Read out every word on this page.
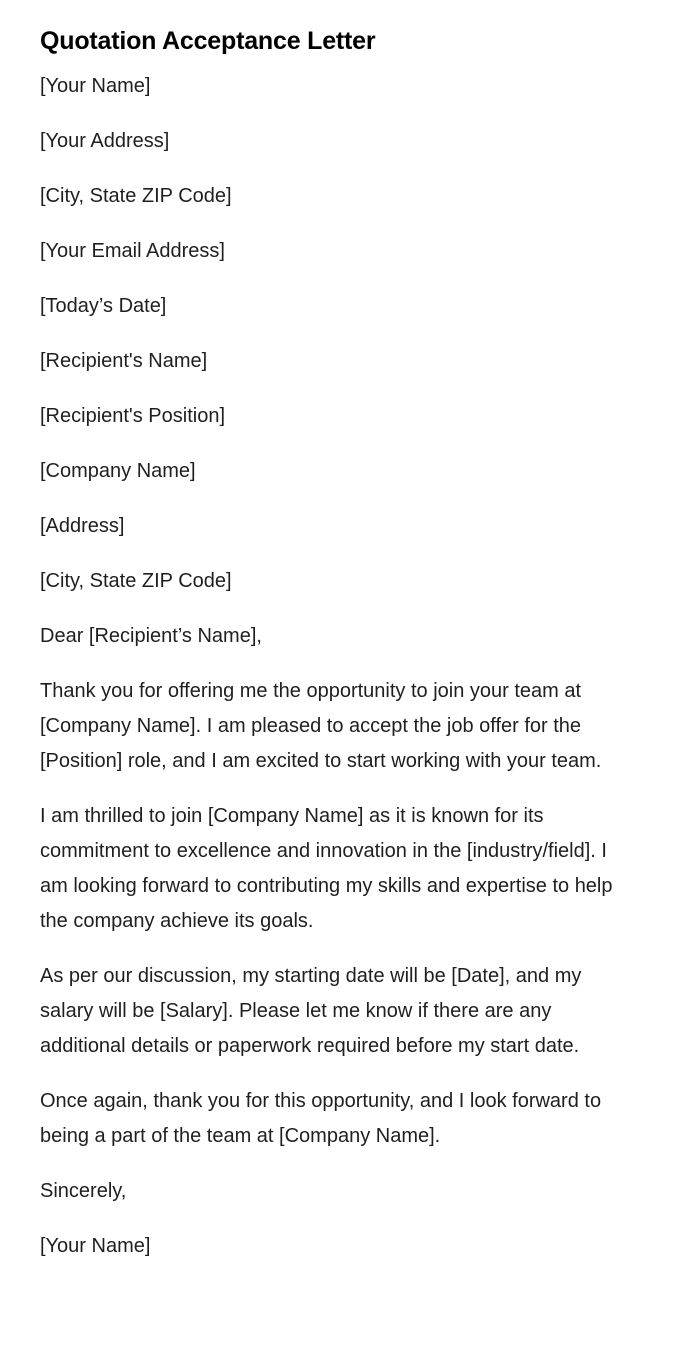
Quotation Acceptance Letter

[Your Name]

[Your Address]

[City, State ZIP Code]

[Your Email Address]

[Today’s Date]

[Recipient's Name]

[Recipient's Position]

[Company Name]

[Address]

[City, State ZIP Code]

Dear [Recipient’s Name],

Thank you for offering me the opportunity to join your team at [Company Name]. I am pleased to accept the job offer for the [Position] role, and I am excited to start working with your team.

I am thrilled to join [Company Name] as it is known for its commitment to excellence and innovation in the [industry/field]. I am looking forward to contributing my skills and expertise to help the company achieve its goals.

As per our discussion, my starting date will be [Date], and my salary will be [Salary]. Please let me know if there are any additional details or paperwork required before my start date.

Once again, thank you for this opportunity, and I look forward to being a part of the team at [Company Name].

Sincerely,

[Your Name]
